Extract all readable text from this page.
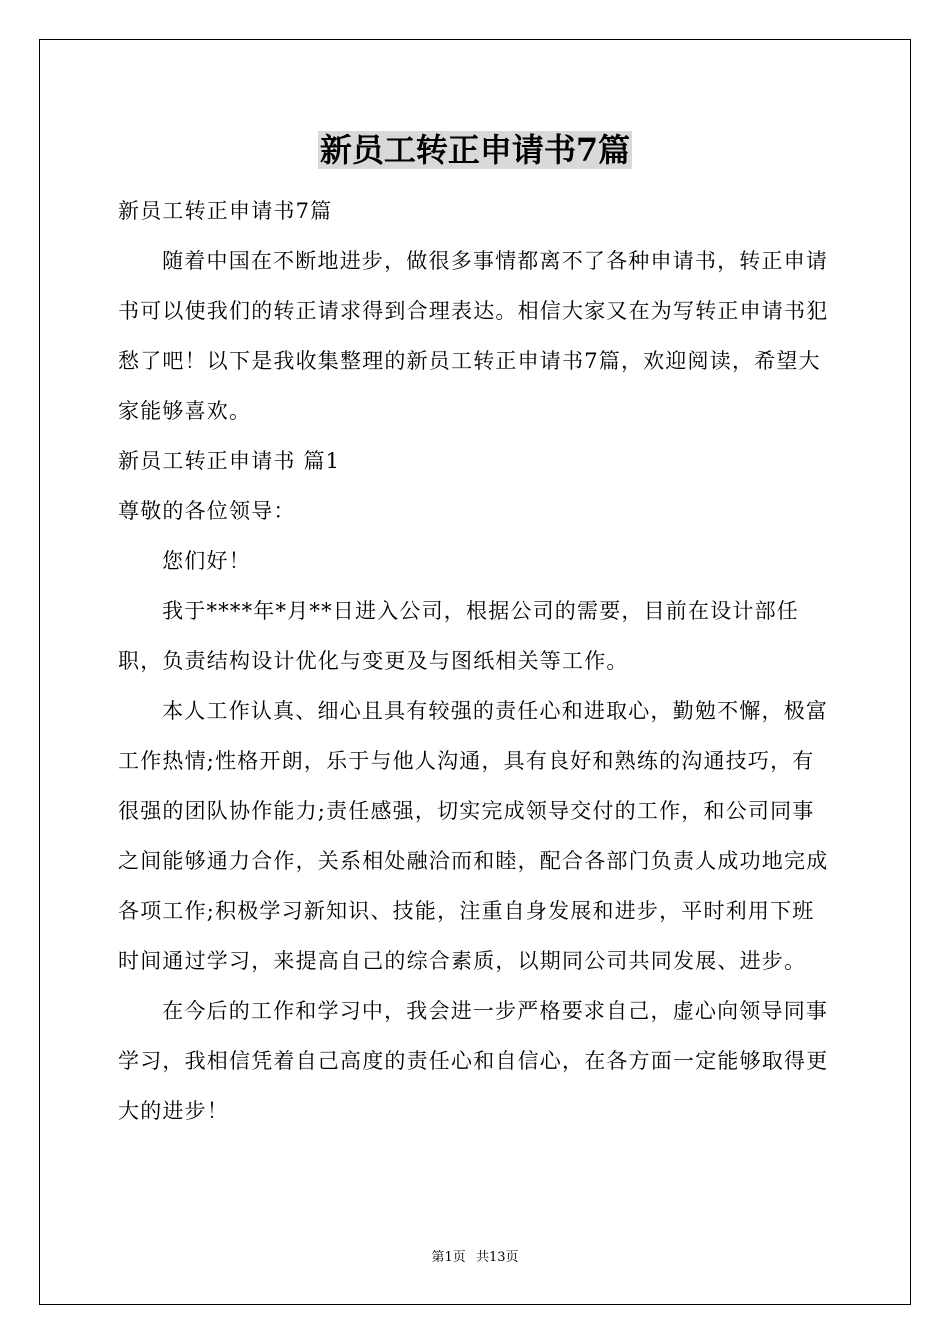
新员工转正申请书7篇

新员工转正申请书7篇

随着中国在不断地进步，做很多事情都离不了各种申请书，转正申请书可以使我们的转正请求得到合理表达。相信大家又在为写转正申请书犯愁了吧！以下是我收集整理的新员工转正申请书7篇，欢迎阅读，希望大家能够喜欢。

新员工转正申请书 篇1

尊敬的各位领导：

您们好！

我于****年*月**日进入公司，根据公司的需要，目前在设计部任职，负责结构设计优化与变更及与图纸相关等工作。

本人工作认真、细心且具有较强的责任心和进取心，勤勉不懈，极富工作热情;性格开朗，乐于与他人沟通，具有良好和熟练的沟通技巧，有很强的团队协作能力;责任感强，切实完成领导交付的工作，和公司同事之间能够通力合作，关系相处融洽而和睦，配合各部门负责人成功地完成各项工作;积极学习新知识、技能，注重自身发展和进步，平时利用下班时间通过学习，来提高自己的综合素质，以期同公司共同发展、进步。

在今后的工作和学习中，我会进一步严格要求自己，虚心向领导同事学习，我相信凭着自己高度的责任心和自信心，在各方面一定能够取得更大的进步！

第1页 共13页
